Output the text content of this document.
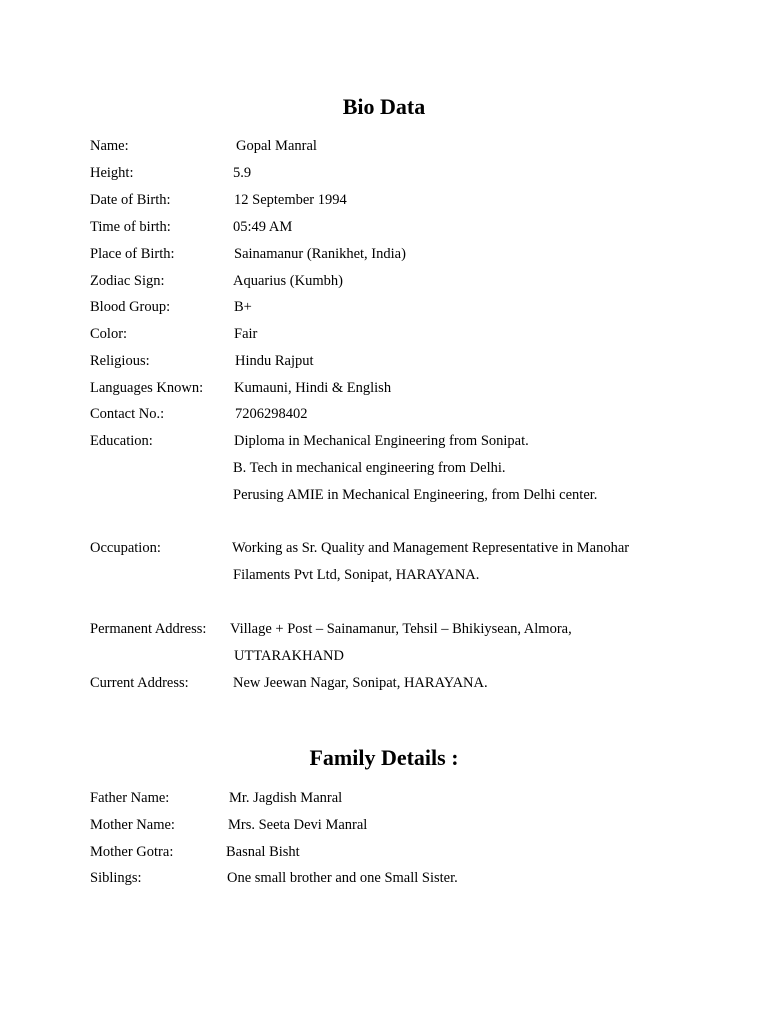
Bio Data
Name:	Gopal Manral
Height:	5.9
Date of Birth:	12 September 1994
Time of birth:	05:49 AM
Place of Birth:	Sainamanur (Ranikhet, India)
Zodiac Sign:	Aquarius (Kumbh)
Blood Group:	B+
Color:	Fair
Religious:	Hindu Rajput
Languages Known: Kumauni, Hindi & English
Contact No.:	7206298402
Education:	Diploma in Mechanical Engineering from Sonipat.
B. Tech in mechanical engineering from Delhi.
Perusing AMIE in Mechanical Engineering, from Delhi center.
Occupation:	Working as Sr. Quality and Management Representative in Manohar
Filaments Pvt Ltd, Sonipat, HARAYANA.
Permanent Address: Village + Post – Sainamanur, Tehsil – Bhikiysean, Almora,
UTTARAKHAND
Current Address:	New Jeewan Nagar, Sonipat, HARAYANA.
Family Details :
Father Name:	Mr. Jagdish Manral
Mother Name:	Mrs. Seeta Devi Manral
Mother Gotra:	Basnal Bisht
Siblings:	One small brother and one Small Sister.
